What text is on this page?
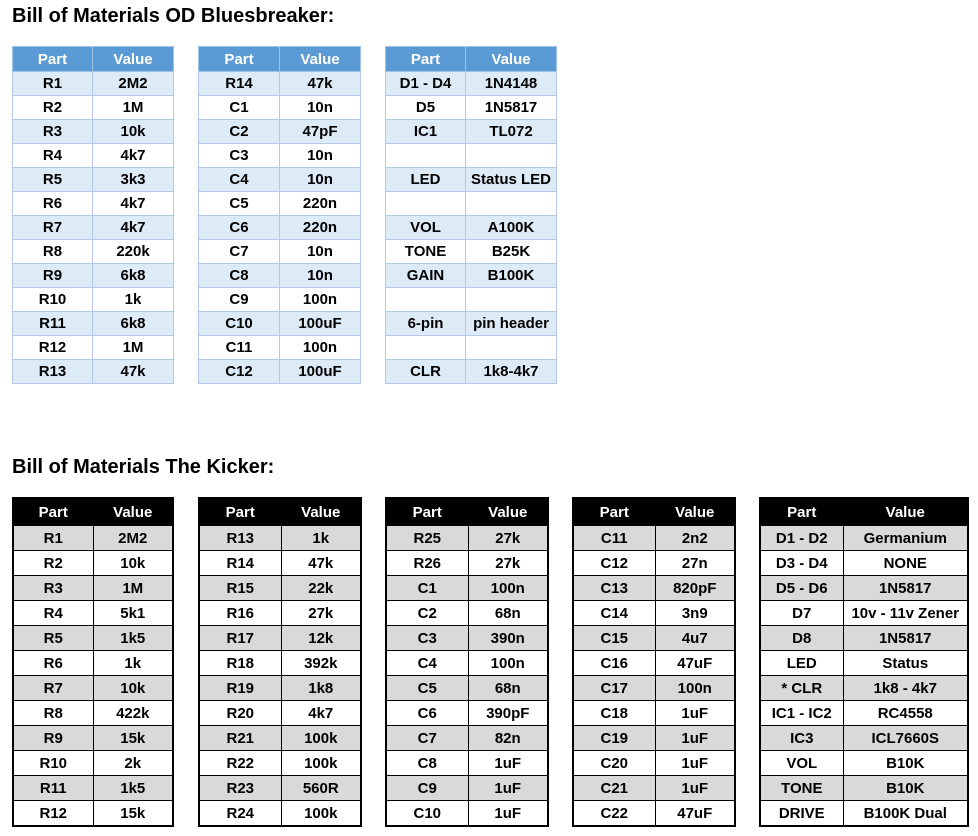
Bill of Materials OD Bluesbreaker:
Bill of Materials The Kicker:
Part	Value
R1	2M2
R2	1M
R3	10k
R4	4k7
R5	3k3
R6	4k7
R7	4k7
R8	220k
R9	6k8
R10	1k
R11	6k8
R12	1M
R13	47k
Part	Value
R14	47k
C1	10n
C2	47pF
C3	10n
C4	10n
C5	220n
C6	220n
C7	10n
C8	10n
C9	100n
C10	100uF
C11	100n
C12	100uF
Part	Value
D1 - D4	1N4148
D5	1N5817
IC1	TL072

LED	Status LED

VOL	A100K
TONE	B25K
GAIN	B100K

6-pin	pin header

CLR	1k8-4k7
Part	Value
R1	2M2
R2	10k
R3	1M
R4	5k1
R5	1k5
R6	1k
R7	10k
R8	422k
R9	15k
R10	2k
R11	1k5
R12	15k
Part	Value
R13	1k
R14	47k
R15	22k
R16	27k
R17	12k
R18	392k
R19	1k8
R20	4k7
R21	100k
R22	100k
R23	560R
R24	100k
Part	Value
R25	27k
R26	27k
C1	100n
C2	68n
C3	390n
C4	100n
C5	68n
C6	390pF
C7	82n
C8	1uF
C9	1uF
C10	1uF
Part	Value
C11	2n2
C12	27n
C13	820pF
C14	3n9
C15	4u7
C16	47uF
C17	100n
C18	1uF
C19	1uF
C20	1uF
C21	1uF
C22	47uF
Part	Value
D1 - D2	Germanium
D3 - D4	NONE
D5 - D6	1N5817
D7	10v - 11v Zener
D8	1N5817
LED	Status
* CLR	1k8 - 4k7
IC1 - IC2	RC4558
IC3	ICL7660S
VOL	B10K
TONE	B10K
DRIVE	B100K Dual
